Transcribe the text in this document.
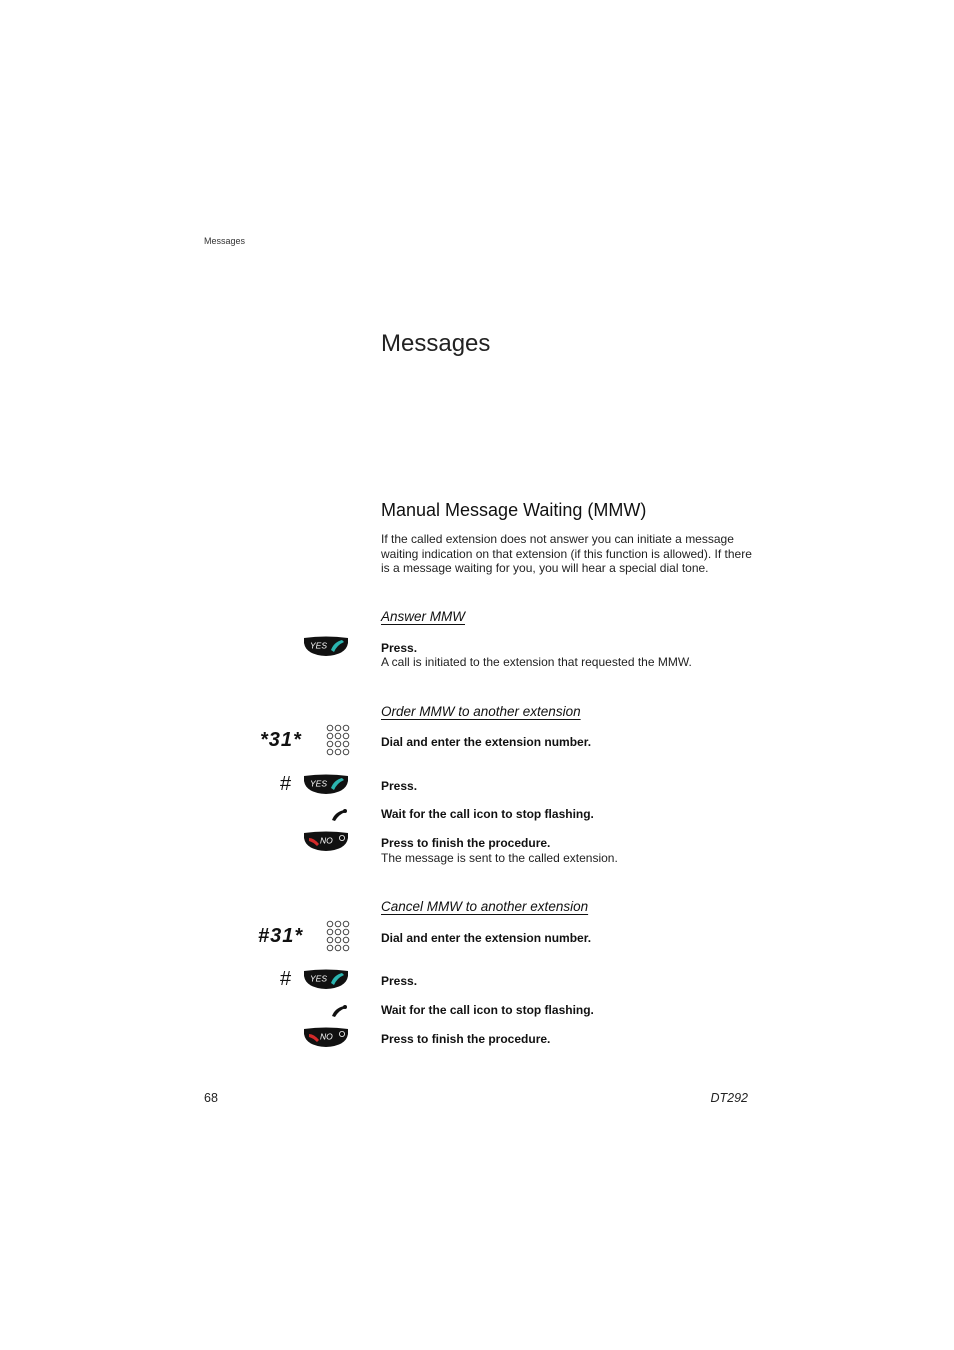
Messages
Messages
Manual Message Waiting (MMW)

If the called extension does not answer you can initiate a message waiting indication on that extension (if this function is allowed). If there is a message waiting for you, you will hear a special dial tone.

Answer MMW
YES	Press.
A call is initiated to the extension that requested the MMW.
Order MMW to another extension
*31*	Dial and enter the extension number.
# YES	Press.
Wait for the call icon to stop flashing.
NO	Press to finish the procedure.
The message is sent to the called extension.
Cancel MMW to another extension
#31*	Dial and enter the extension number.
# YES	Press.
Wait for the call icon to stop flashing.
NO	Press to finish the procedure.
68	DT292
